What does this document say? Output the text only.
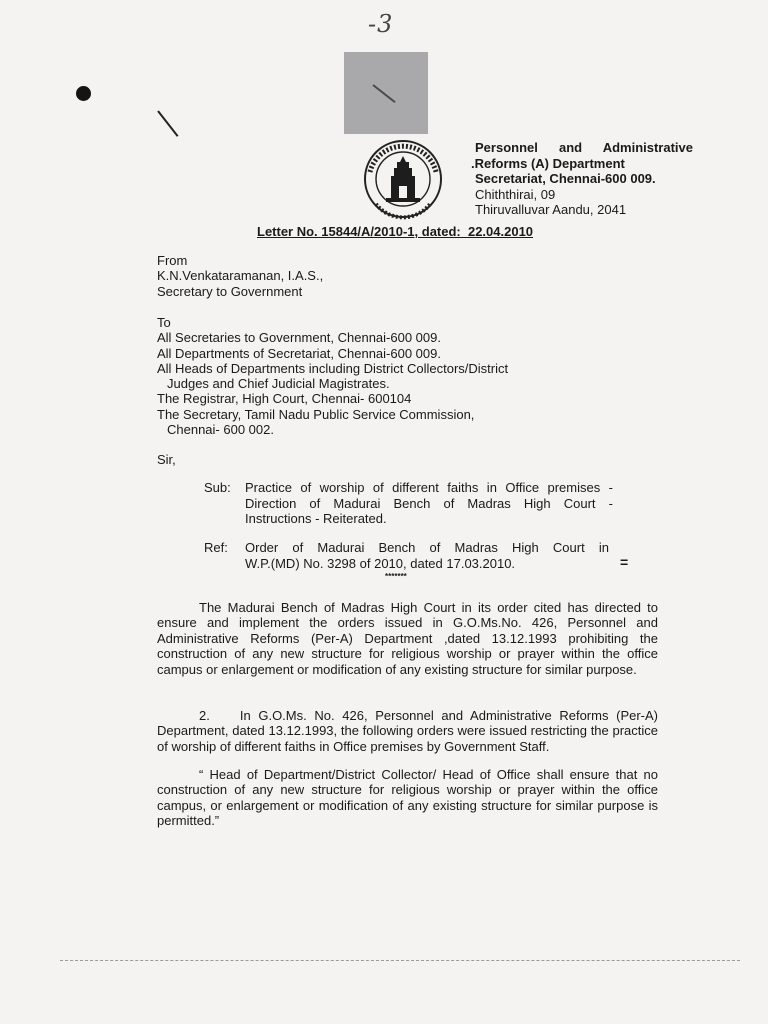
-3
Personnel and Administrative
.Reforms (A) Department
Secretariat, Chennai-600 009.
Chiththirai, 09
Thiruvalluvar Aandu, 2041
Letter No. 15844/A/2010-1, dated:  22.04.2010
From
K.N.Venkataramanan, I.A.S.,
Secretary to Government
To
All Secretaries to Government, Chennai-600 009.
All Departments of Secretariat, Chennai-600 009.
All Heads of Departments including District Collectors/District
Judges and Chief Judicial Magistrates.
The Registrar, High Court, Chennai- 600104
The Secretary, Tamil Nadu Public Service Commission,
Chennai- 600 002.
Sir,
Sub: Practice of worship of different faiths in Office premises -
Direction of Madurai Bench of Madras High Court -
Instructions - Reiterated.
Ref: Order of Madurai Bench of Madras High Court in
W.P.(MD) No. 3298 of 2010, dated 17.03.2010.
*******
=

The Madurai Bench of Madras High Court in its order cited has directed to ensure and implement the orders issued in G.O.Ms.No. 426, Personnel and Administrative Reforms (Per-A) Department ,dated 13.12.1993 prohibiting the construction of any new structure for religious worship or prayer within the office campus or enlargement or modification of any existing structure for similar purpose.

2. In G.O.Ms. No. 426, Personnel and Administrative Reforms (Per-A) Department, dated 13.12.1993, the following orders were issued restricting the practice of worship of different faiths in Office premises by Government Staff.

“ Head of Department/District Collector/ Head of Office shall ensure that no construction of any new structure for religious worship or prayer within the office campus, or enlargement or modification of any existing structure for similar purpose is permitted.”
